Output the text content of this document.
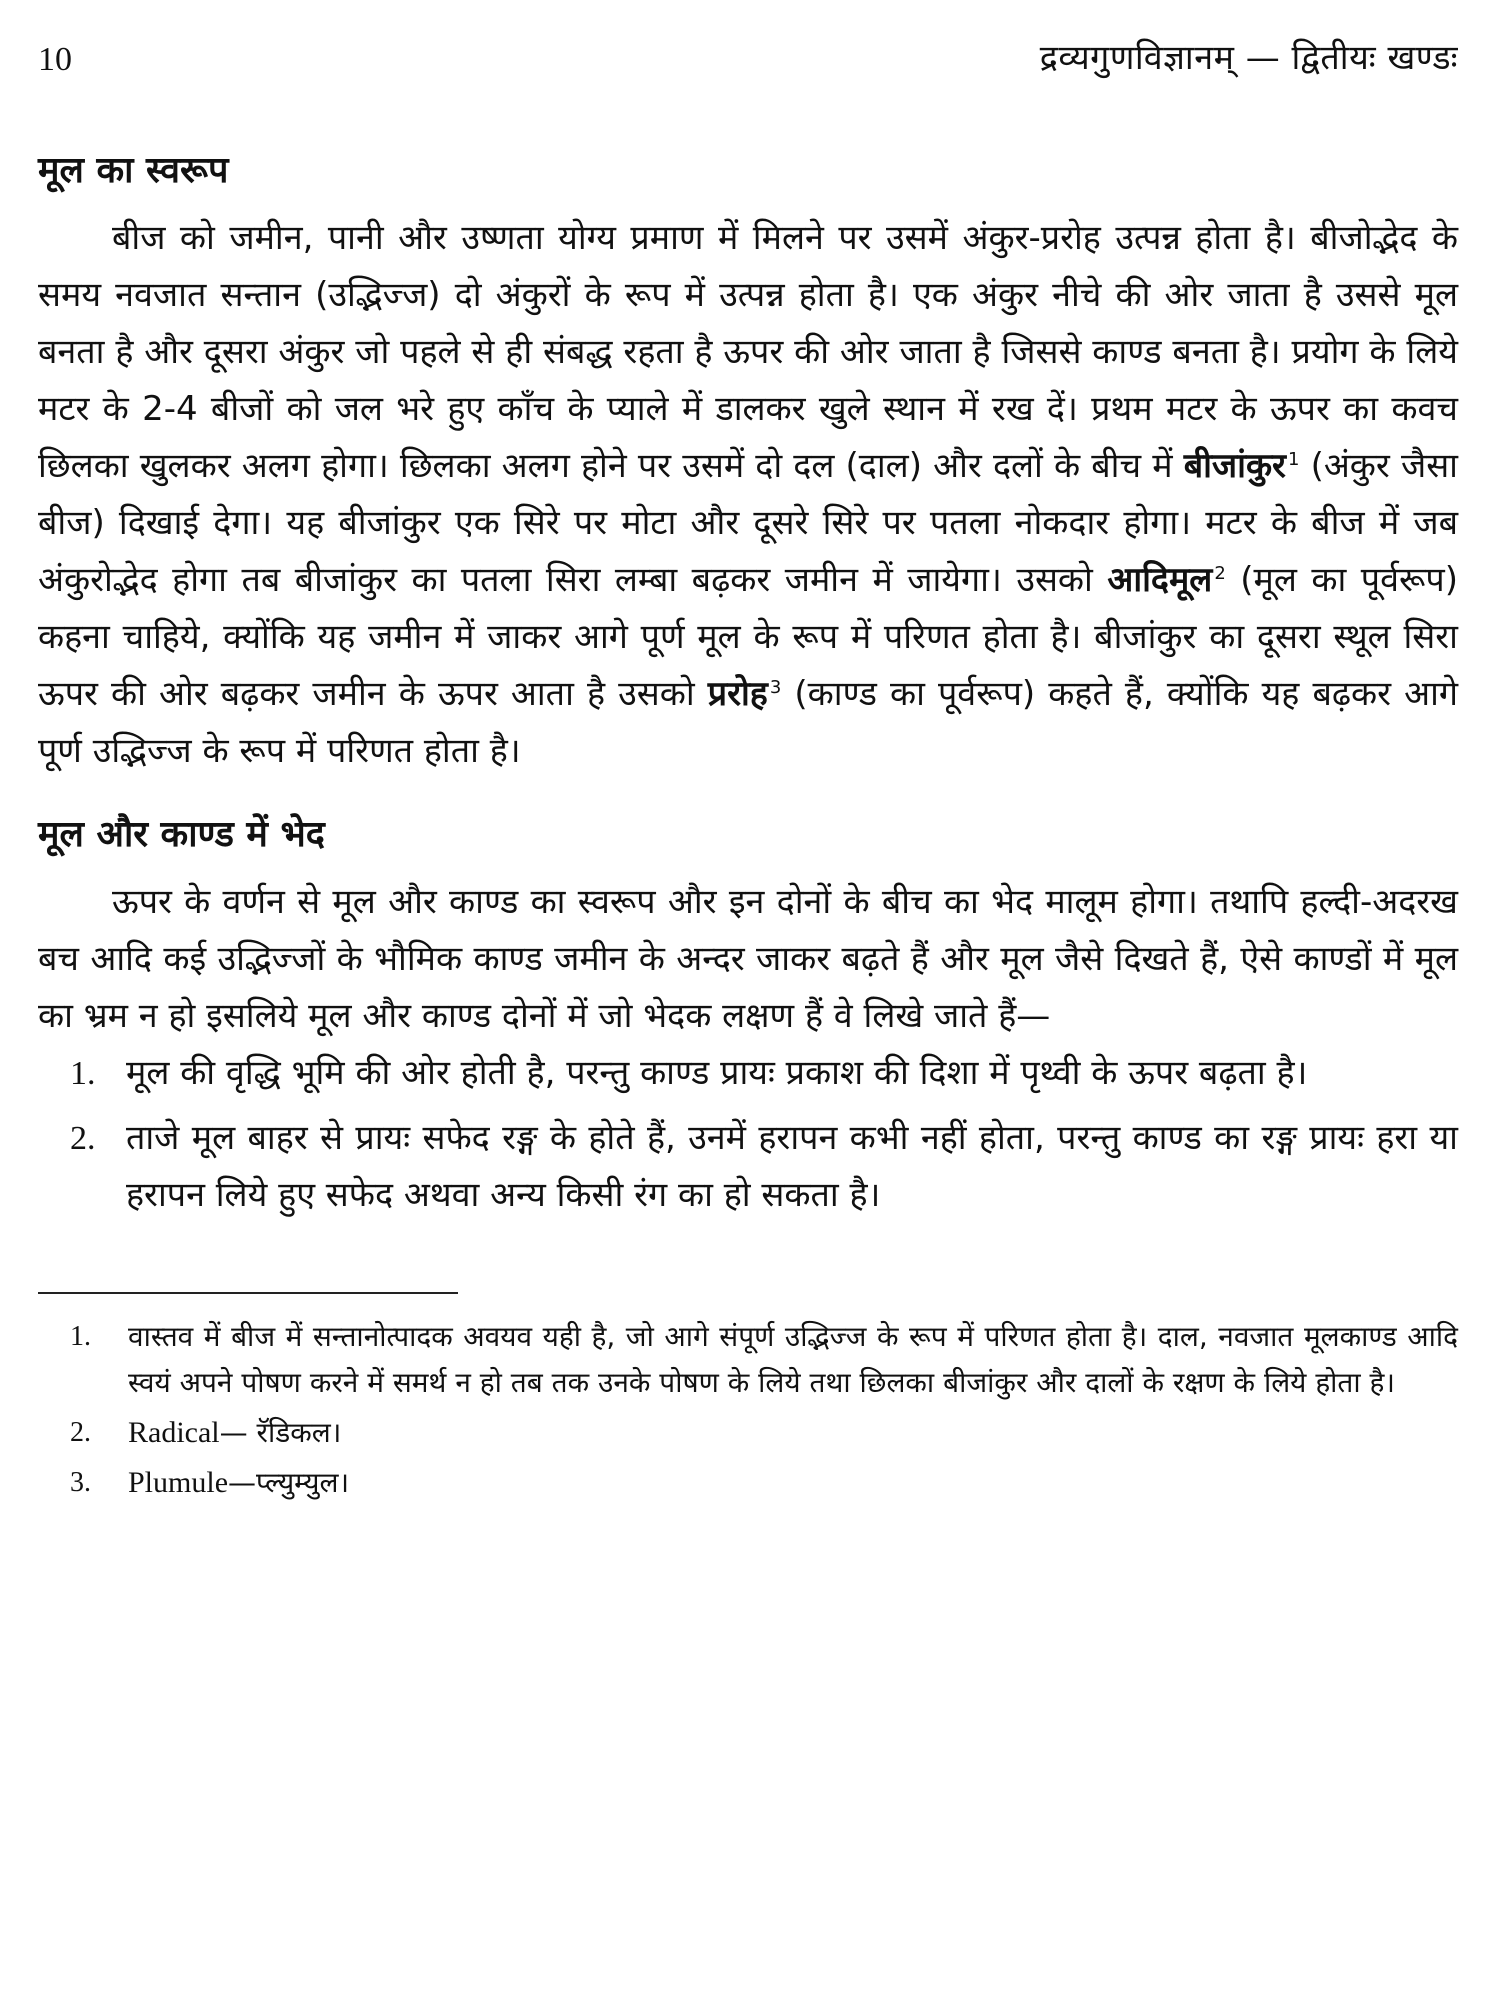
10	द्रव्यगुणविज्ञानम् — द्वितीयः खण्डः
मूल का स्वरूप

बीज को जमीन, पानी और उष्णता योग्य प्रमाण में मिलने पर उसमें अंकुर-प्ररोह उत्पन्न होता है। बीजोद्भेद के समय नवजात सन्तान (उद्भिज्ज) दो अंकुरों के रूप में उत्पन्न होता है। एक अंकुर नीचे की ओर जाता है उससे मूल बनता है और दूसरा अंकुर जो पहले से ही संबद्ध रहता है ऊपर की ओर जाता है जिससे काण्ड बनता है। प्रयोग के लिये मटर के 2-4 बीजों को जल भरे हुए काँच के प्याले में डालकर खुले स्थान में रख दें। प्रथम मटर के ऊपर का कवच छिलका खुलकर अलग होगा। छिलका अलग होने पर उसमें दो दल (दाल) और दलों के बीच में बीजांकुर $^1$ (अंकुर जैसा बीज) दिखाई देगा। यह बीजांकुर एक सिरे पर मोटा और दूसरे सिरे पर पतला नोकदार होगा। मटर के बीज में जब अंकुरोद्भेद होगा तब बीजांकुर का पतला सिरा लम्बा बढ़कर जमीन में जायेगा। उसको आदिमूल $^2$ (मूल का पूर्वरूप) कहना चाहिये, क्योंकि यह जमीन में जाकर आगे पूर्ण मूल के रूप में परिणत होता है। बीजांकुर का दूसरा स्थूल सिरा ऊपर की ओर बढ़कर जमीन के ऊपर आता है उसको प्ररोह $^3$ (काण्ड का पूर्वरूप) कहते हैं, क्योंकि यह बढ़कर आगे पूर्ण उद्भिज्ज के रूप में परिणत होता है।

मूल और काण्ड में भेद

ऊपर के वर्णन से मूल और काण्ड का स्वरूप और इन दोनों के बीच का भेद मालूम होगा। तथापि हल्दी-अदरख बच आदि कई उद्भिज्जों के भौमिक काण्ड जमीन के अन्दर जाकर बढ़ते हैं और मूल जैसे दिखते हैं, ऐसे काण्डों में मूल का भ्रम न हो इसलिये मूल और काण्ड दोनों में जो भेदक लक्षण हैं वे लिखे जाते हैं—

1. मूल की वृद्धि भूमि की ओर होती है, परन्तु काण्ड प्रायः प्रकाश की दिशा में पृथ्वी के ऊपर बढ़ता है।
2. ताजे मूल बाहर से प्रायः सफेद रङ्ग के होते हैं, उनमें हरापन कभी नहीं होता, परन्तु काण्ड का रङ्ग प्रायः हरा या हरापन लिये हुए सफेद अथवा अन्य किसी रंग का हो सकता है।
1.	वास्तव में बीज में सन्तानोत्पादक अवयव यही है, जो आगे संपूर्ण उद्भिज्ज के रूप में परिणत होता है। दाल, नवजात मूलकाण्ड आदि स्वयं अपने पोषण करने में समर्थ न हो तब तक उनके पोषण के लिये तथा छिलका बीजांकुर और दालों के रक्षण के लिये होता है।
2.	Radical— रॅडिकल।
3.	Plumule—प्ल्युम्युल।
